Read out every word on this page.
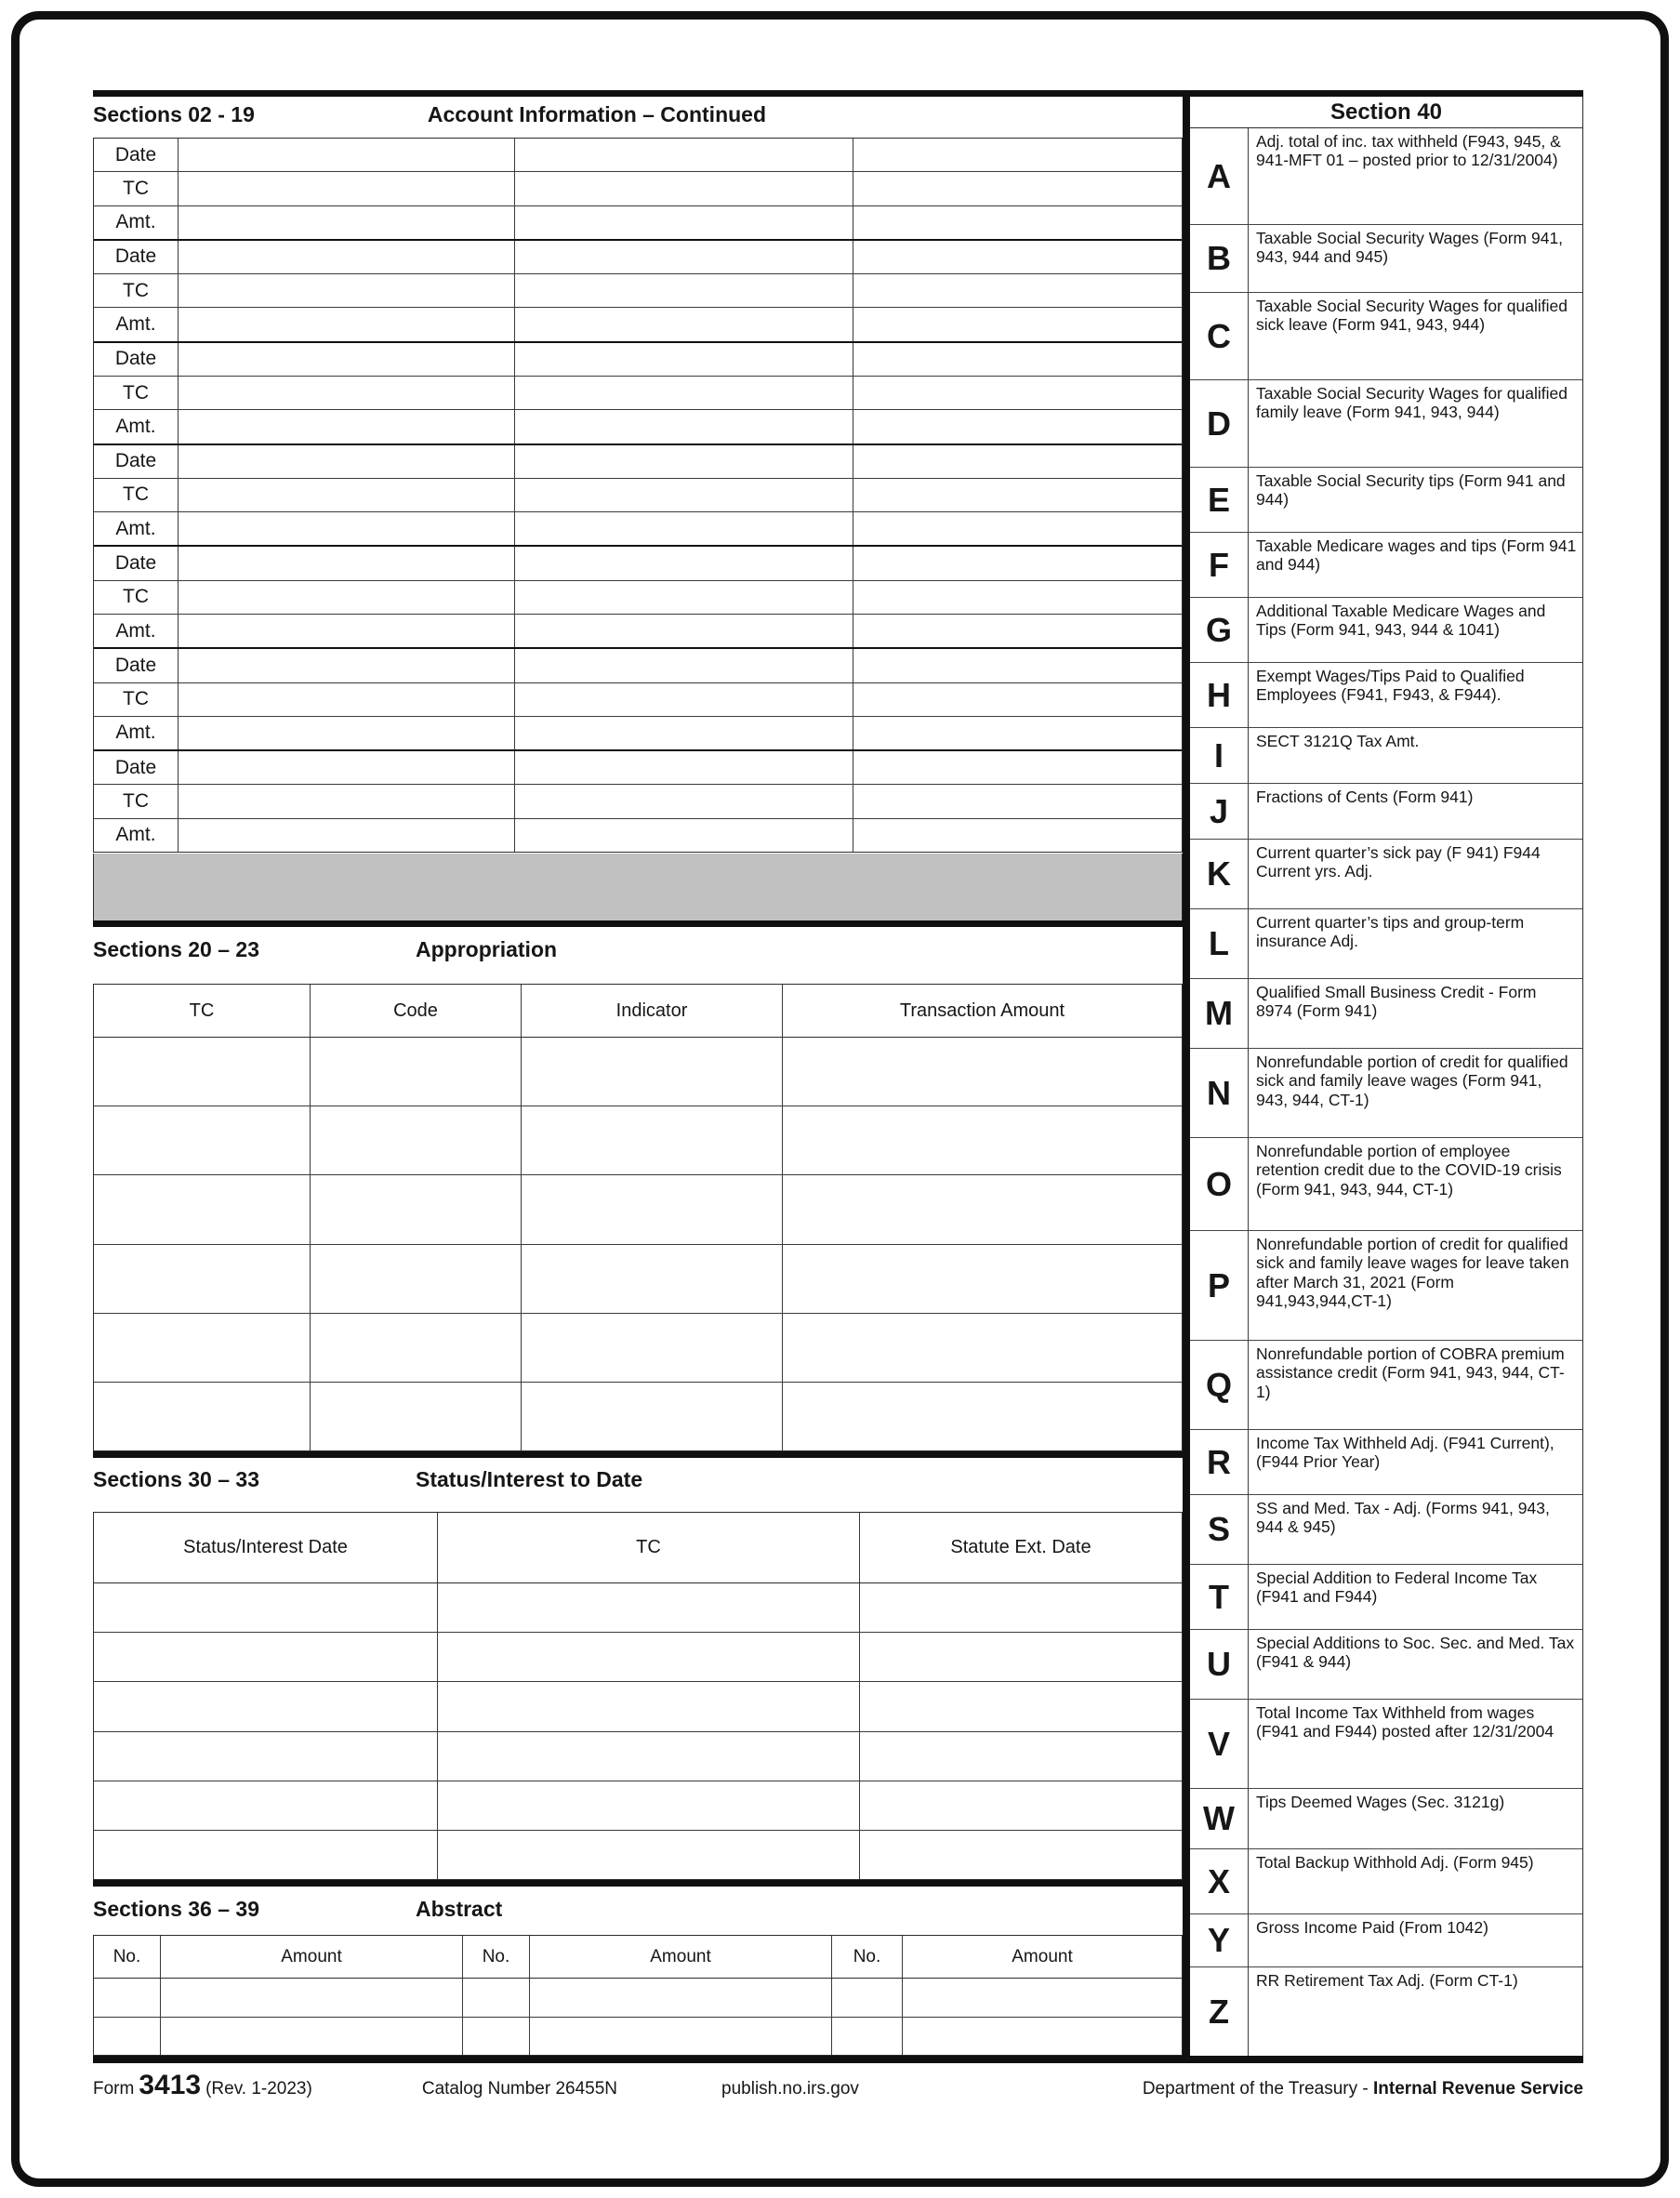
Sections 02 - 19	Account Information – Continued
Date
TC
Amt.
Date
TC
Amt.
Date
TC
Amt.
Date
TC
Amt.
Date
TC
Amt.
Date
TC
Amt.
Date
TC
Amt.
Sections 20 – 23	Appropriation
TC	Code	Indicator	Transaction Amount
Sections 30 – 33	Status/Interest to Date
Status/Interest Date	TC	Statute Ext. Date
Sections 36 – 39	Abstract
No.	Amount	No.	Amount	No.	Amount
Section 40
A
Adj. total of inc. tax withheld (F943, 945, & 941-MFT 01 – posted prior to 12/31/2004)
B
Taxable Social Security Wages (Form 941, 943, 944 and 945)
C
Taxable Social Security Wages for qualified sick leave (Form 941, 943, 944)
D
Taxable Social Security Wages for qualified family leave (Form 941, 943, 944)
E	Taxable Social Security tips (Form 941 and 944)
F	Taxable Medicare wages and tips (Form 941 and 944)
G	Additional Taxable Medicare Wages and Tips (Form 941, 943, 944 & 1041)
H	Exempt Wages/Tips Paid to Qualified Employees (F941, F943, & F944).
I	SECT 3121Q Tax Amt.
J	Fractions of Cents (Form 941)
K
Current quarter’s sick pay (F 941) F944 Current yrs. Adj.
L
Current quarter’s tips and group-term insurance Adj.
M
Qualified Small Business Credit - Form 8974 (Form 941)
N
Nonrefundable portion of credit for qualified sick and family leave wages (Form 941, 943, 944, CT-1)
O
Nonrefundable portion of employee retention credit due to the COVID-19 crisis (Form 941, 943, 944, CT-1)
P
Nonrefundable portion of credit for qualified sick and family leave wages for leave taken after March 31, 2021 (Form 941,943,944,CT-1)
Q
Nonrefundable portion of COBRA premium assistance credit (Form 941, 943, 944, CT-1)
R	Income Tax Withheld Adj. (F941 Current), (F944 Prior Year)
S
SS and Med. Tax - Adj. (Forms 941, 943, 944 & 945)
T	Special Addition to Federal Income Tax (F941 and F944)
U
Special Additions to Soc. Sec. and Med. Tax (F941 & 944)
V
Total Income Tax Withheld from wages (F941 and F944) posted after 12/31/2004
W	Tips Deemed Wages (Sec. 3121g)
X	Total Backup Withhold Adj. (Form 945)
Y	Gross Income Paid (From 1042)
Z
RR Retirement Tax Adj. (Form CT-1)
Form 3413 (Rev. 1-2023)	Catalog Number 26455N	publish.no.irs.gov	Department of the Treasury - Internal Revenue Service
